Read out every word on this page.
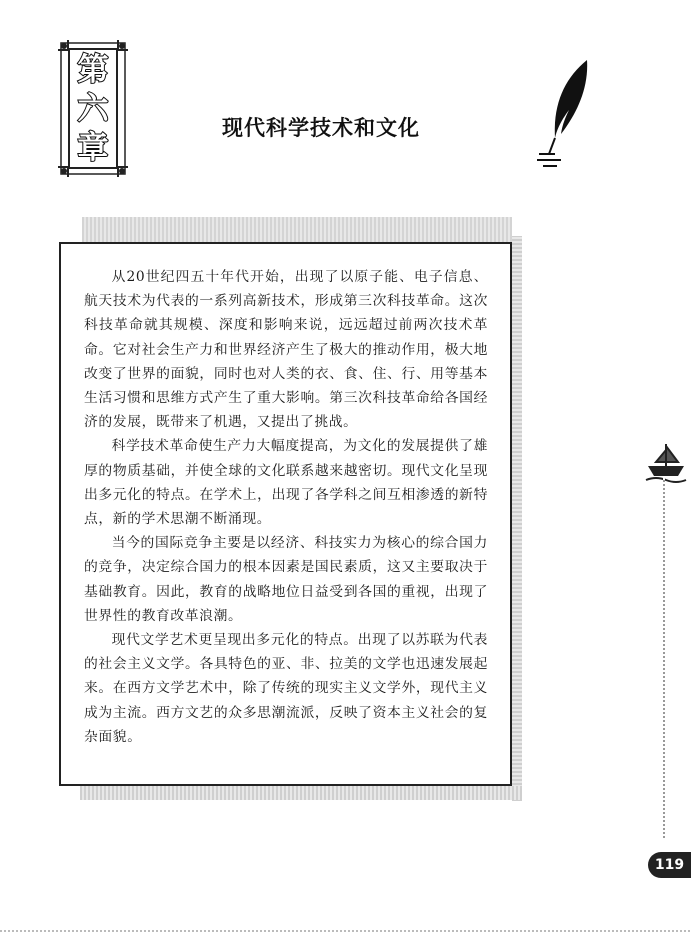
第
六
章
现代科学技术和文化

从20世纪四五十年代开始，出现了以原子能、电子信息、航天技术为代表的一系列高新技术，形成第三次科技革命。这次科技革命就其规模、深度和影响来说，远远超过前两次技术革命。它对社会生产力和世界经济产生了极大的推动作用，极大地改变了世界的面貌，同时也对人类的衣、食、住、行、用等基本生活习惯和思维方式产生了重大影响。第三次科技革命给各国经济的发展，既带来了机遇，又提出了挑战。

科学技术革命使生产力大幅度提高，为文化的发展提供了雄厚的物质基础，并使全球的文化联系越来越密切。现代文化呈现出多元化的特点。在学术上，出现了各学科之间互相渗透的新特点，新的学术思潮不断涌现。

当今的国际竞争主要是以经济、科技实力为核心的综合国力的竞争，决定综合国力的根本因素是国民素质，这又主要取决于基础教育。因此，教育的战略地位日益受到各国的重视，出现了世界性的教育改革浪潮。

现代文学艺术更呈现出多元化的特点。出现了以苏联为代表的社会主义文学。各具特色的亚、非、拉美的文学也迅速发展起来。在西方文学艺术中，除了传统的现实主义文学外，现代主义成为主流。西方文艺的众多思潮流派，反映了资本主义社会的复杂面貌。

119
